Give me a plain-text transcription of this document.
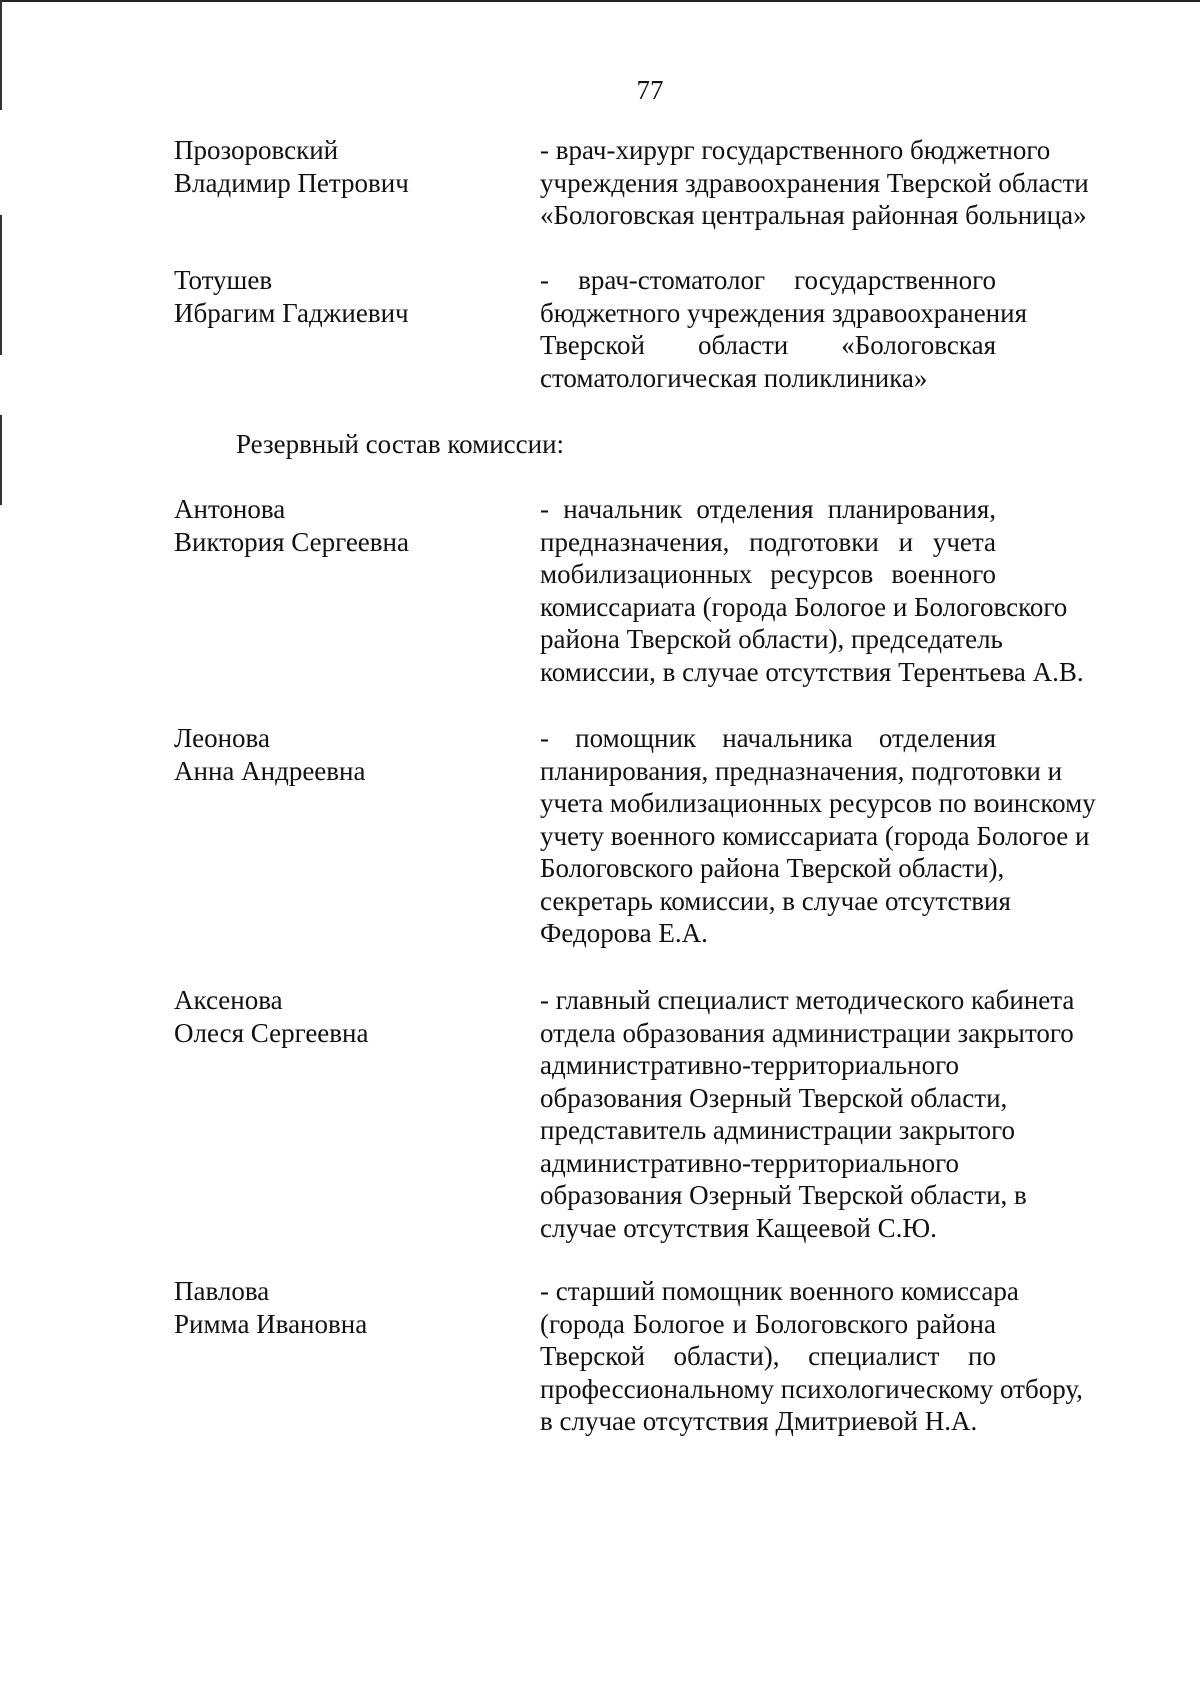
77
Прозоровский
Владимир Петрович
- врач-хирург государственного бюджетного
учреждения здравоохранения Тверской области
«Бологовская центральная районная больница»
Тотушев
Ибрагим Гаджиевич
- врач-стоматолог государственного
бюджетного учреждения здравоохранения
Тверской области «Бологовская
стоматологическая поликлиника»
Резервный состав комиссии:
Антонова
Виктория Сергеевна
- начальник отделения планирования,
предназначения, подготовки и учета
мобилизационных ресурсов военного
комиссариата (города Бологое и Бологовского
района Тверской области), председатель
комиссии, в случае отсутствия Терентьева А.В.
Леонова
Анна Андреевна
- помощник начальника отделения
планирования, предназначения, подготовки и
учета мобилизационных ресурсов по воинскому
учету военного комиссариата (города Бологое и
Бологовского района Тверской области),
секретарь комиссии, в случае отсутствия
Федорова Е.А.
Аксенова
Олеся Сергеевна
- главный специалист методического кабинета
отдела образования администрации закрытого
административно-территориального
образования Озерный Тверской области,
представитель администрации закрытого
административно-территориального
образования Озерный Тверской области, в
случае отсутствия Кащеевой С.Ю.
Павлова
Римма Ивановна
- старший помощник военного комиссара
(города Бологое и Бологовского района
Тверской области), специалист по
профессиональному психологическому отбору,
в случае отсутствия Дмитриевой Н.А.
